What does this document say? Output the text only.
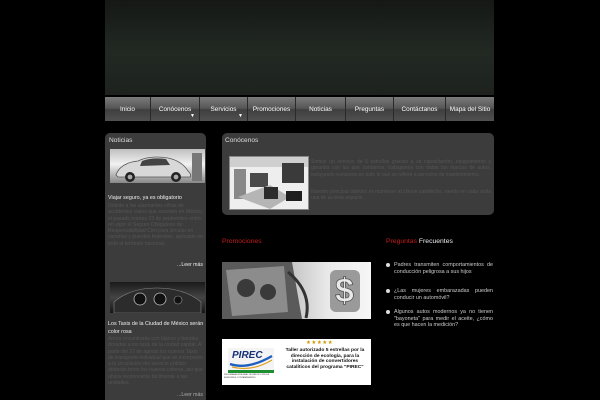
Inicio	Conócenos
▼
Servicios
▼
Promociones	Noticias	Preguntas	Contáctanos Mapa del Sitio
Noticias
Viajar seguro, ya es obligatorio
Debido a las alarmantes cifras de accidentes viales que suceden en México, el pasado martes 23 de septiembre entró en vigor el Seguro Obligatorio de Responsabilidad Civil para circular en caminos y puentes federales, aplicable en todo el territorio nacional.
...Leer más
Los Taxis de la Ciudad de México serán color rosa
Ahora encontrarás con blanco y bandas doradas a los taxis de la ciudad capital. A partir del 27 de agosto los nuevos Taxis de transporte individual que se incorporen a la circulación del servicio público deberán tener los nuevos colores, así que ahora reconocerás fácilmente a las unidades
...Leer más
Conócenos
Somos un servicio de 5 estrellas gracias a su capacitación, equipamiento y garantía con las que contamos, trabajamos con todas las marcas de autos, incluyendo europeos en todo lo que se refiere a servicios de mantenimiento.
Nuestro principal objetivo es mantener al cliente satisfecho, siendo en cada visita una de su ésta espacio.
Promociones
$
PIREC
PROGRAMA INTEGRAL DE REDUCCIÓN DE EMISIONES CONTAMINANTES
★★★★★
Taller autorizado 5 estrellas por la dirección de ecología, para la instalación de convertidores catalíticos del programa "PIREC"
Preguntas Frecuentes
Padres transmiten comportamientos de conducción peligrosa a sus hijos
¿Las mujeres embarazadas pueden conducir un automóvil?
Algunos autos modernos ya no tienen "bayoneta" para medir el aceite, ¿cómo es que hacen la medición?
